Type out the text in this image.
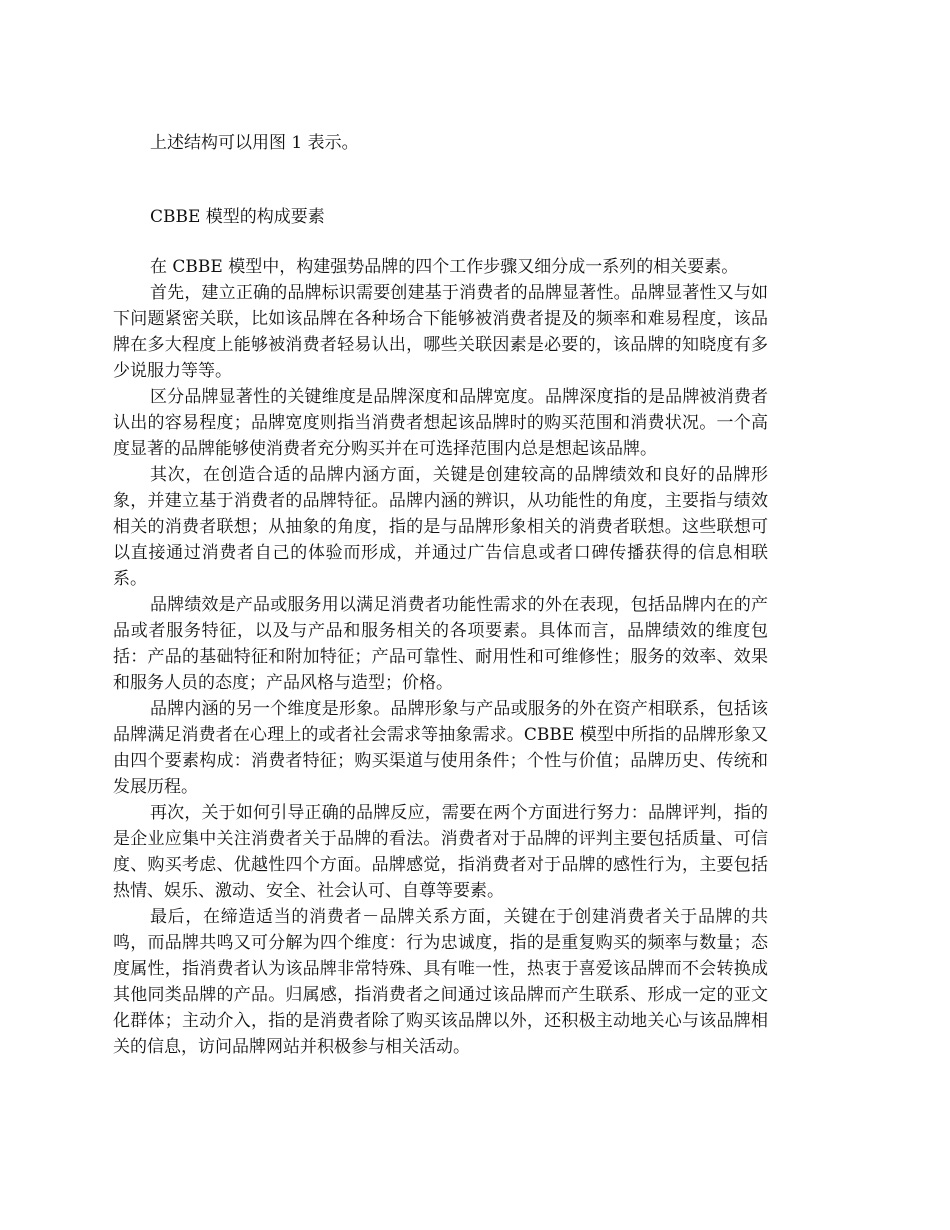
上述结构可以用图 1 表示。

CBBE 模型的构成要素

在 CBBE 模型中，构建强势品牌的四个工作步骤又细分成一系列的相关要素。

首先，建立正确的品牌标识需要创建基于消费者的品牌显著性。品牌显著性又与如下问题紧密关联，比如该品牌在各种场合下能够被消费者提及的频率和难易程度，该品牌在多大程度上能够被消费者轻易认出，哪些关联因素是必要的，该品牌的知晓度有多少说服力等等。

区分品牌显著性的关键维度是品牌深度和品牌宽度。品牌深度指的是品牌被消费者认出的容易程度；品牌宽度则指当消费者想起该品牌时的购买范围和消费状况。一个高度显著的品牌能够使消费者充分购买并在可选择范围内总是想起该品牌。

其次，在创造合适的品牌内涵方面，关键是创建较高的品牌绩效和良好的品牌形象，并建立基于消费者的品牌特征。品牌内涵的辨识，从功能性的角度，主要指与绩效相关的消费者联想；从抽象的角度，指的是与品牌形象相关的消费者联想。这些联想可以直接通过消费者自己的体验而形成，并通过广告信息或者口碑传播获得的信息相联系。

品牌绩效是产品或服务用以满足消费者功能性需求的外在表现，包括品牌内在的产品或者服务特征，以及与产品和服务相关的各项要素。具体而言，品牌绩效的维度包括：产品的基础特征和附加特征；产品可靠性、耐用性和可维修性；服务的效率、效果和服务人员的态度；产品风格与造型；价格。

品牌内涵的另一个维度是形象。品牌形象与产品或服务的外在资产相联系，包括该品牌满足消费者在心理上的或者社会需求等抽象需求。CBBE 模型中所指的品牌形象又由四个要素构成：消费者特征；购买渠道与使用条件；个性与价值；品牌历史、传统和发展历程。

再次，关于如何引导正确的品牌反应，需要在两个方面进行努力：品牌评判，指的是企业应集中关注消费者关于品牌的看法。消费者对于品牌的评判主要包括质量、可信度、购买考虑、优越性四个方面。品牌感觉，指消费者对于品牌的感性行为，主要包括热情、娱乐、激动、安全、社会认可、自尊等要素。

最后，在缔造适当的消费者－品牌关系方面，关键在于创建消费者关于品牌的共鸣，而品牌共鸣又可分解为四个维度：行为忠诚度，指的是重复购买的频率与数量；态度属性，指消费者认为该品牌非常特殊、具有唯一性，热衷于喜爱该品牌而不会转换成其他同类品牌的产品。归属感，指消费者之间通过该品牌而产生联系、形成一定的亚文化群体；主动介入，指的是消费者除了购买该品牌以外，还积极主动地关心与该品牌相关的信息，访问品牌网站并积极参与相关活动。
